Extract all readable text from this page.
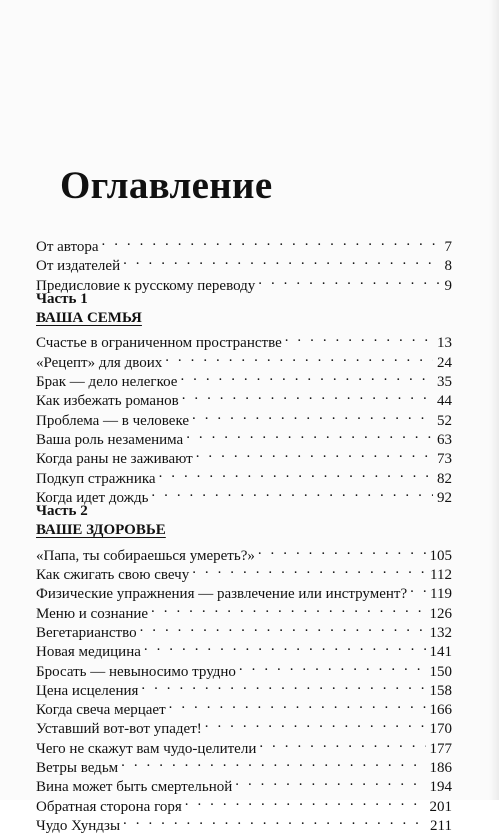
Оглавление
От автора . . .	7
От издателей . . .	8
Предисловие к русскому переводу . . .	9
Часть 1
ВАША СЕМЬЯ
Счастье в ограниченном пространстве . . .	13
«Рецепт» для двоих . . .	24
Брак — дело нелегкое . . .	35
Как избежать романов . . .	44
Проблема — в человеке . . .	52
Ваша роль незаменима . . .	63
Когда раны не заживают . . .	73
Подкуп стражника . . .	82
Когда идет дождь . . .	92
Часть 2
ВАШЕ ЗДОРОВЬЕ
«Папа, ты собираешься умереть?» . . .	105
Как сжигать свою свечу . . .	112
Физические упражнения — развлечение или инструмент? . . . 119
Меню и сознание . . .	126
Вегетарианство . . .	132
Новая медицина . . .	141
Бросать — невыносимо трудно . . .	150
Цена исцеления . . .	158
Когда свеча мерцает . . .	166
Уставший вот-вот упадет! . . .	170
Чего не скажут вам чудо-целители . . .	177
Ветры ведьм . . .	186
Вина может быть смертельной . . .	194
Обратная сторона горя . . .	201
Чудо Хундзы . . .	211
